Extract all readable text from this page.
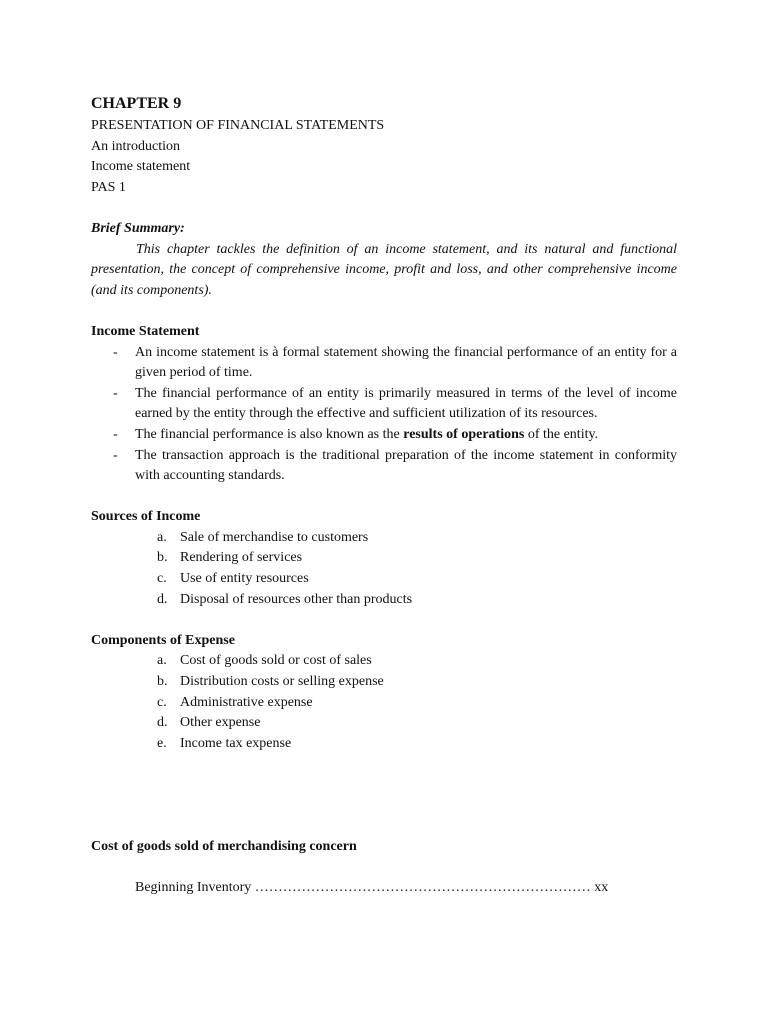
CHAPTER 9
PRESENTATION OF FINANCIAL STATEMENTS
An introduction
Income statement
PAS 1
Brief Summary:

This chapter tackles the definition of an income statement, and its natural and functional presentation, the concept of comprehensive income, profit and loss, and other comprehensive income (and its components).

Income Statement
- An income statement is à formal statement showing the financial performance of an entity for a given period of time.
- The financial performance of an entity is primarily measured in terms of the level of income earned by the entity through the effective and sufficient utilization of its resources.
- The financial performance is also known as the results of operations of the entity.
- The transaction approach is the traditional preparation of the income statement in conformity with accounting standards.
Sources of Income
a. Sale of merchandise to customers
b. Rendering of services
c. Use of entity resources
d. Disposal of resources other than products
Components of Expense
a. Cost of goods sold or cost of sales
b. Distribution costs or selling expense
c. Administrative expense
d. Other expense
e. Income tax expense
Cost of goods sold of merchandising concern
Beginning Inventory ……………………………………………………………… xx
